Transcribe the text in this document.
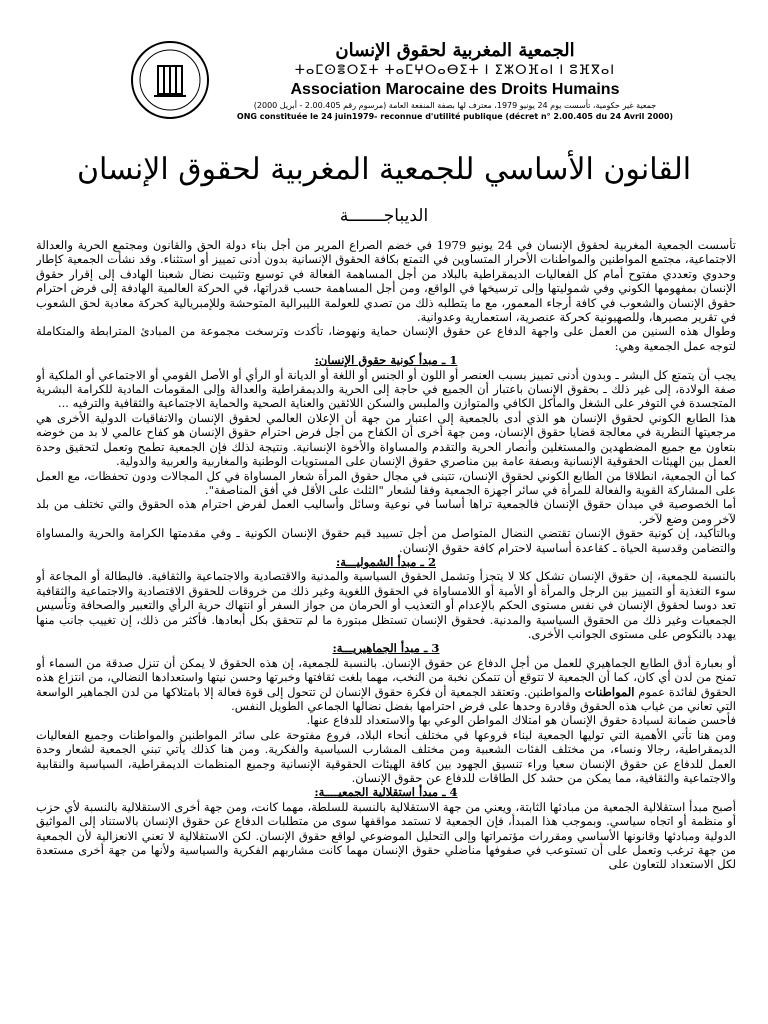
الجمعية المغربية لحقوق الإنسان
ⵜⴰⵎⵙⴻⵔⵉⵜ ⵜⴰⵎⵖⵔⴰⴱⵉⵜ ⵏ ⵉⵣⵔⴼⴰⵏ ⵏ ⵓⴼⴳⴰⵏ
Association Marocaine des Droits Humains
جمعية غير حكومية، تأسست يوم 24 يونيو 1979، معترف لها بصفة المنفعة العامة (مرسوم رقم 2.00.405 - أبريل 2000)
ONG constituée le 24 juin1979- reconnue d'utilité publique (décret n° 2.00.405 du 24 Avril 2000)
القانون الأساسي للجمعية المغربية لحقوق الإنسان
الديباجـــــــة

تأسست الجمعية المغربية لحقوق الإنسان في 24 يونيو 1979 في خضم الصراع المرير من أجل بناء دولة الحق والقانون ومجتمع الحرية والعدالة الاجتماعية، مجتمع المواطنين والمواطنات الأحرار المتساوين في التمتع بكافة الحقوق الإنسانية بدون أدنى تمييز أو استثناء. وقد نشأت الجمعية كإطار وحدوي وتعددي مفتوح أمام كل الفعاليات الديمقراطية بالبلاد من أجل المساهمة الفعالة في توسيع وتثبيت نضال شعبنا الهادف إلى إقرار حقوق الإنسان بمفهومها الكوني وفي شموليتها وإلى ترسيخها في الواقع، ومن أجل المساهمة حسب قدراتها، في الحركة العالمية الهادفة إلى فرض احترام حقوق الإنسان والشعوب في كافة أرجاء المعمور، مع ما يتطلبه ذلك من تصدي للعولمة الليبرالية المتوحشة وللإمبريالية كحركة معادية لحق الشعوب في تقرير مصيرها، وللصهيونية كحركة عنصرية، استعمارية وعدوانية.

وطوال هذه السنين من العمل على واجهة الدفاع عن حقوق الإنسان حماية ونهوضا، تأكدت وترسخت مجموعة من المبادئ المترابطة والمتكاملة لتوجه عمل الجمعية وهي:

1 ـ مبدأ كونية حقوق الإنسان:

يجب أن يتمتع كل البشر ـ وبدون أدنى تمييز بسبب العنصر أو اللون أو الجنس أو اللغة أو الديانة أو الرأي أو الأصل القومي أو الاجتماعي أو الملكية أو صفة الولادة، إلى غير ذلك ـ بحقوق الإنسان باعتبار أن الجميع في حاجة إلى الحرية والديمقراطية والعدالة وإلى المقومات المادية للكرامة البشرية المتجسدة في التوفر على الشغل والمأكل الكافي والمتوازن والملبس والسكن اللائقين والعناية الصحية والحماية الاجتماعية والثقافية والترفيه ...

هذا الطابع الكوني لحقوق الإنسان هو الذي أدى بالجمعية إلى اعتبار من جهة أن الإعلان العالمي لحقوق الإنسان والاتفاقيات الدولية الأخرى هي مرجعيتها النظرية في معالجة قضايا حقوق الإنسان، ومن جهة أخرى أن الكفاح من أجل فرض احترام حقوق الإنسان هو كفاح عالمي لا بد من خوضه بتعاون مع جميع المضطهدين والمستغلين وأنصار الحرية والتقدم والمساواة والأخوة الإنسانية. ونتيجة لذلك فإن الجمعية تطمح وتعمل لتحقيق وحدة العمل بين الهيئات الحقوقية الإنسانية وبصفة عامة بين مناصري حقوق الإنسان على المستويات الوطنية والمغاربية والعربية والدولية.

كما أن الجمعية، انطلاقا من الطابع الكوني لحقوق الإنسان، تتبنى في مجال حقوق المرأة شعار المساواة في كل المجالات ودون تحفظات، مع العمل على المشاركة القوية والفعالة للمرأة في سائر أجهزة الجمعية وفقا لشعار "الثلث على الأقل في أفق المناصفة".

أما الخصوصية في ميدان حقوق الإنسان فالجمعية تراها أساسا في نوعية وسائل وأساليب العمل لفرض احترام هذه الحقوق والتي تختلف من بلد لآخر ومن وضع لآخر.

وبالتأكيد، إن كونية حقوق الإنسان تقتضي النضال المتواصل من أجل تسييد قيم حقوق الإنسان الكونية ـ وفي مقدمتها الكرامة والحرية والمساواة والتضامن وقدسية الحياة ـ كقاعدة أساسية لاحترام كافة حقوق الإنسان.

2 ـ مبدأ الشموليـــة:

بالنسبة للجمعية، إن حقوق الإنسان تشكل كلا لا يتجزأ وتشمل الحقوق السياسية والمدنية والاقتصادية والاجتماعية والثقافية. فالبطالة أو المجاعة أو سوء التغذية أو التمييز بين الرجل والمرأة أو الأمية أو اللامساواة في الحقوق اللغوية وغير ذلك من خروقات للحقوق الاقتصادية والاجتماعية والثقافية تعد دوسا لحقوق الإنسان في نفس مستوى الحكم بالإعدام أو التعذيب أو الحرمان من جواز السفر أو انتهاك حرية الرأي والتعبير والصحافة وتأسيس الجمعيات وغير ذلك من الحقوق السياسية والمدنية. فحقوق الإنسان تستظل مبتورة ما لم تتحقق بكل أبعادها. فأكثر من ذلك، إن تغييب جانب منها يهدد بالنكوص على مستوى الجوانب الأخرى.

3 ـ مبدأ الجماهيريـــة:

أو بعبارة أدق الطابع الجماهيري للعمل من أجل الدفاع عن حقوق الإنسان. بالنسبة للجمعية، إن هذه الحقوق لا يمكن أن تنزل صدقة من السماء أو تمنح من لدن أي كان، كما أن الجمعية لا تتوقع أن تتمكن نخبة من النخب، مهما بلغت ثقافتها وخبرتها وحسن نيتها واستعدادها النضالي، من انتزاع هذه الحقوق لفائدة عموم المواطنات والمواطنين. وتعتقد الجمعية أن فكرة حقوق الإنسان لن تتحول إلى قوة فعالة إلا بامتلاكها من لدن الجماهير الواسعة التي تعاني من غياب هذه الحقوق وقادرة وحدها على فرض احترامها بفضل نضالها الجماعي الطويل النفس.

فأحسن ضمانة لسيادة حقوق الإنسان هو امتلاك المواطن الوعي بها والاستعداد للدفاع عنها.

ومن هنا تأتي الأهمية التي توليها الجمعية لبناء فروعها في مختلف أنحاء البلاد، فروع مفتوحة على سائر المواطنين والمواطنات وجميع الفعاليات الديمقراطية، رجالا ونساء، من مختلف الفئات الشعبية ومن مختلف المشارب السياسية والفكرية. ومن هنا كذلك يأتي تبني الجمعية لشعار وحدة العمل للدفاع عن حقوق الإنسان سعيا وراء تنسيق الجهود بين كافة الهيئات الحقوقية الإنسانية وجميع المنظمات الديمقراطية، السياسية والنقابية والاجتماعية والثقافية، مما يمكن من حشد كل الطاقات للدفاع عن حقوق الإنسان.

4 ـ مبدأ استقلالية الجمعيــــة:

أصبح مبدأ استقلالية الجمعية من مبادئها الثابتة، ويعني من جهة الاستقلالية بالنسبة للسلطة، مهما كانت، ومن جهة أخرى الاستقلالية بالنسبة لأي حزب أو منظمة أو اتجاه سياسي. وبموجب هذا المبدأ، فإن الجمعية لا تستمد مواقفها سوى من متطلبات الدفاع عن حقوق الإنسان بالاستناد إلى المواثيق الدولية ومبادئها وقانونها الأساسي ومقررات مؤتمراتها وإلى التحليل الموضوعي لواقع حقوق الإنسان. لكن الاستقلالية لا تعني الانعزالية لأن الجمعية من جهة ترغب وتعمل على أن تستوعب في صفوفها مناضلي حقوق الإنسان مهما كانت مشاربهم الفكرية والسياسية ولأنها من جهة أخرى مستعدة لكل الاستعداد للتعاون على
